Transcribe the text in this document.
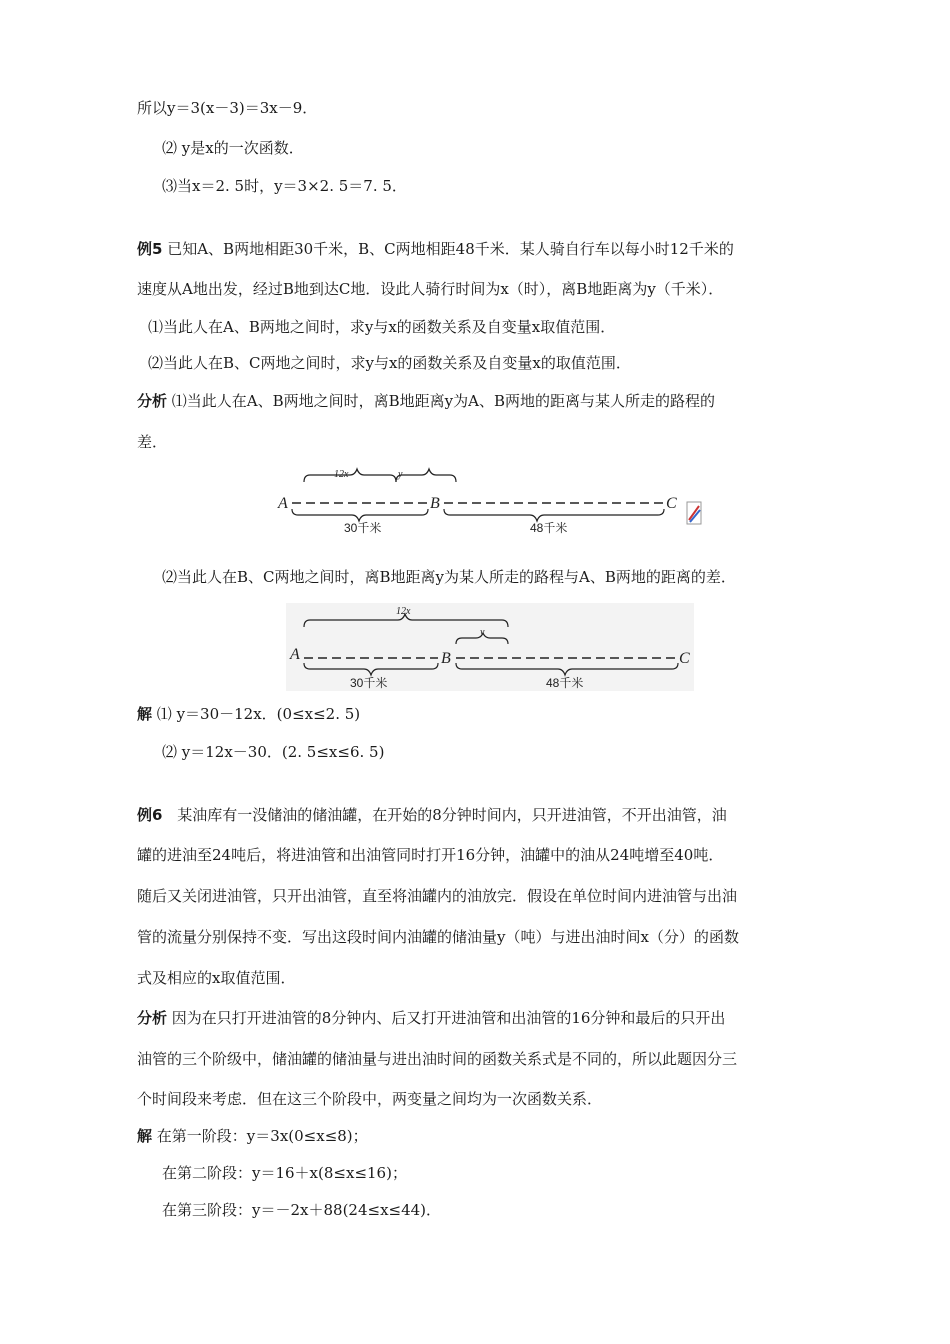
所以y＝3(x－3)＝3x－9．
⑵ y是x的一次函数．
⑶当x＝2. 5时，y＝3×2. 5＝7. 5．
例5 已知A、B两地相距30千米，B、C两地相距48千米．某人骑自行车以每小时12千米的
速度从A地出发，经过B地到达C地．设此人骑行时间为x（时），离B地距离为y（千米）．
⑴当此人在A、B两地之间时，求y与x的函数关系及自变量x取值范围．
⑵当此人在B、C两地之间时，求y与x的函数关系及自变量x的取值范围．
分析 ⑴当此人在A、B两地之间时，离B地距离y为A、B两地的距离与某人所走的路程的
差．
12x	y
A	B	C
30千米	48千米
⑵当此人在B、C两地之间时，离B地距离y为某人所走的路程与A、B两地的距离的差．
12x
y
A	B	C
30千米	48千米
解 ⑴ y＝30－12x．(0≤x≤2. 5)
⑵ y＝12x－30．(2. 5≤x≤6. 5)
例6 某油库有一没储油的储油罐，在开始的8分钟时间内，只开进油管，不开出油管，油
罐的进油至24吨后，将进油管和出油管同时打开16分钟，油罐中的油从24吨增至40吨．
随后又关闭进油管，只开出油管，直至将油罐内的油放完．假设在单位时间内进油管与出油
管的流量分别保持不变．写出这段时间内油罐的储油量y（吨）与进出油时间x（分）的函数
式及相应的x取值范围．
分析 因为在只打开进油管的8分钟内、后又打开进油管和出油管的16分钟和最后的只开出
油管的三个阶级中，储油罐的储油量与进出油时间的函数关系式是不同的，所以此题因分三
个时间段来考虑．但在这三个阶段中，两变量之间均为一次函数关系．
解 在第一阶段：y＝3x(0≤x≤8)；
在第二阶段：y＝16＋x(8≤x≤16)；
在第三阶段：y＝－2x＋88(24≤x≤44)．
